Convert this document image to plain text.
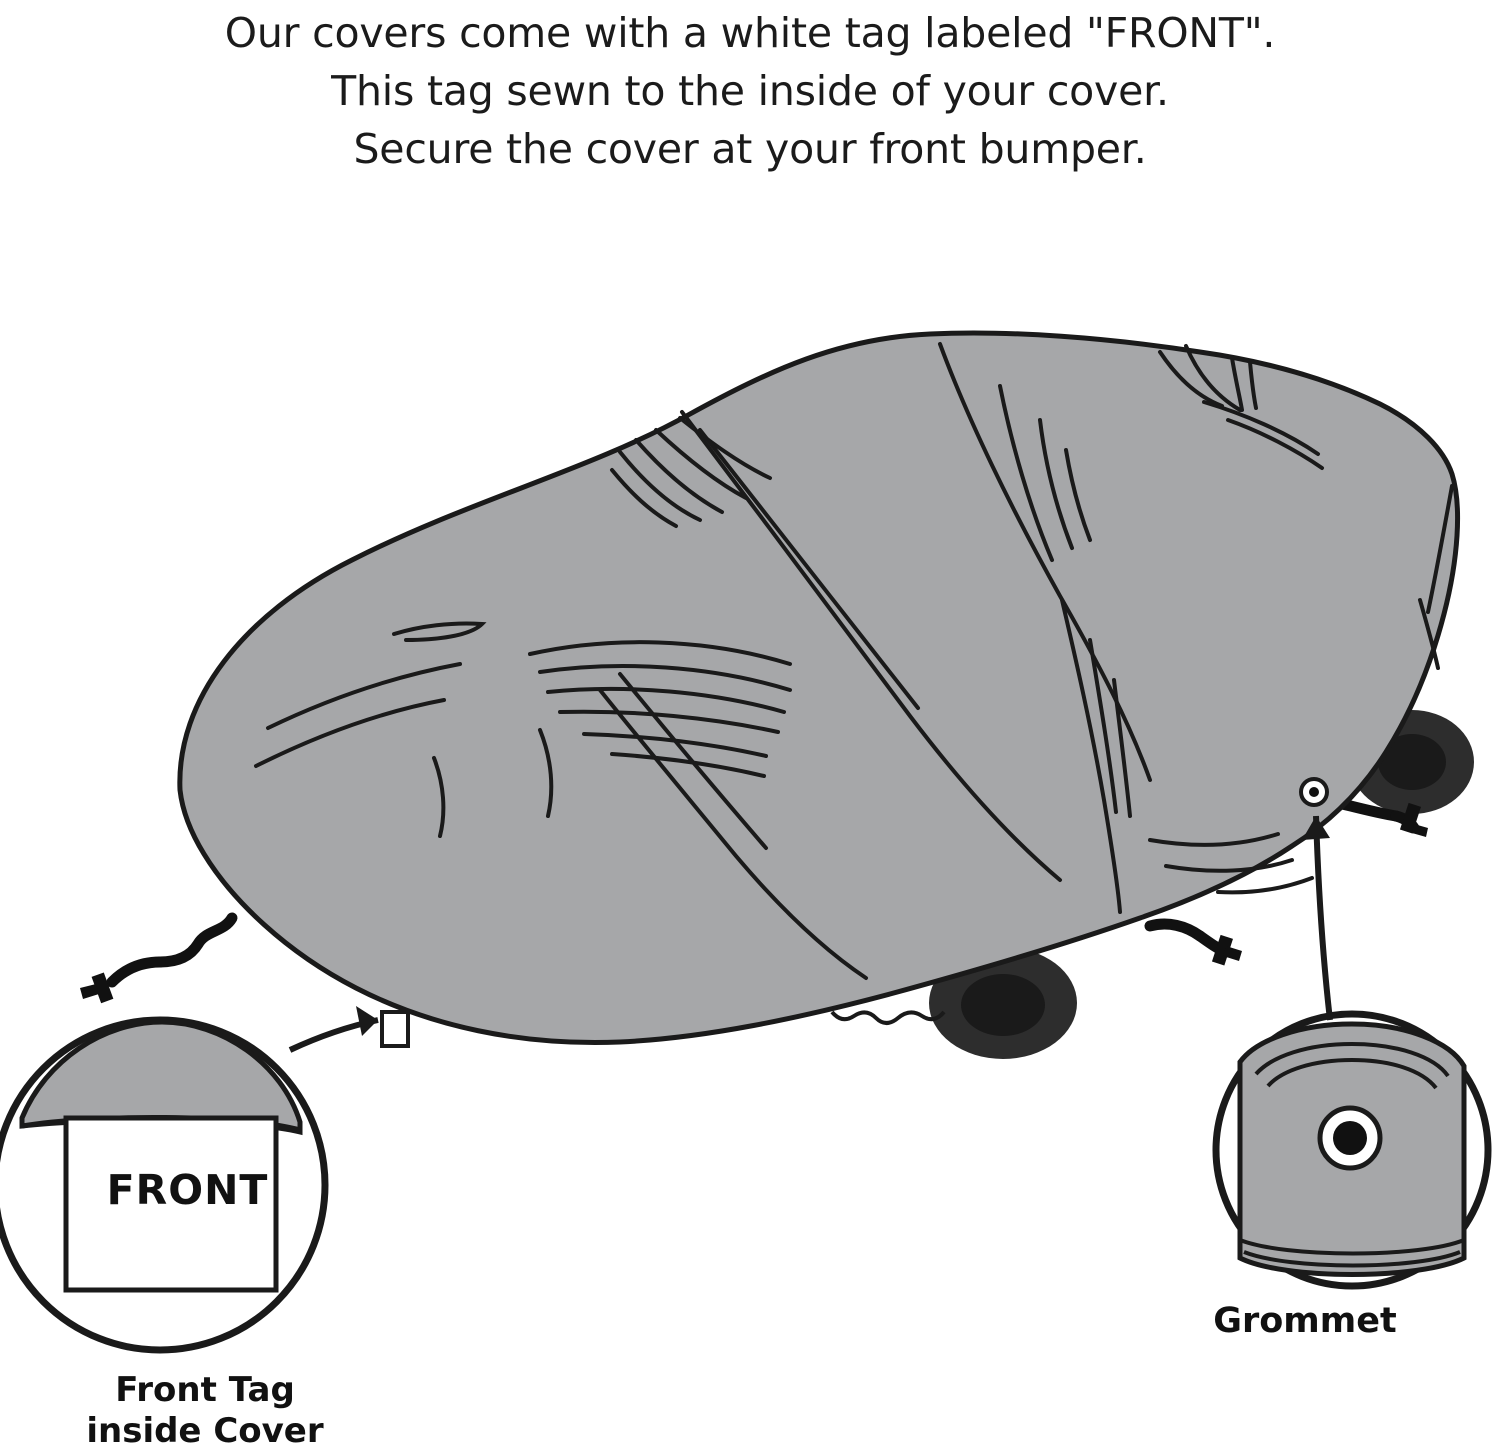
Our covers come with a white tag labeled "FRONT".
This tag sewn to the inside of your cover.
Secure the cover at your front bumper.
FRONT
Front Tag
inside Cover
Grommet
